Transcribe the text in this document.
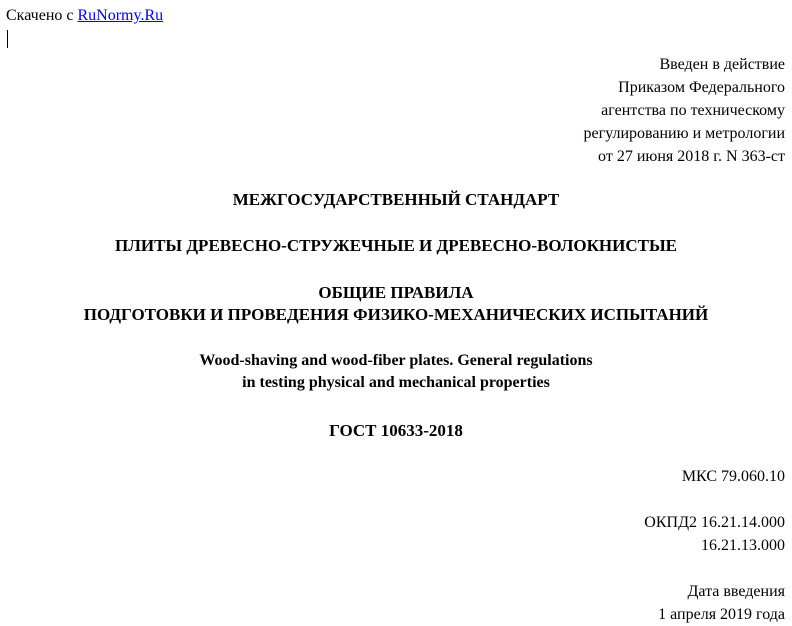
Скачено с RuNormy.Ru
Введен в действие
Приказом Федерального
агентства по техническому
регулированию и метрологии
от 27 июня 2018 г. N 363-ст
МЕЖГОСУДАРСТВЕННЫЙ СТАНДАРТ
ПЛИТЫ ДРЕВЕСНО-СТРУЖЕЧНЫЕ И ДРЕВЕСНО-ВОЛОКНИСТЫЕ
ОБЩИЕ ПРАВИЛА
ПОДГОТОВКИ И ПРОВЕДЕНИЯ ФИЗИКО-МЕХАНИЧЕСКИХ ИСПЫТАНИЙ
Wood-shaving and wood-fiber plates. General regulations
in testing physical and mechanical properties
ГОСТ 10633-2018
МКС 79.060.10
ОКПД2 16.21.14.000
16.21.13.000
Дата введения
1 апреля 2019 года
